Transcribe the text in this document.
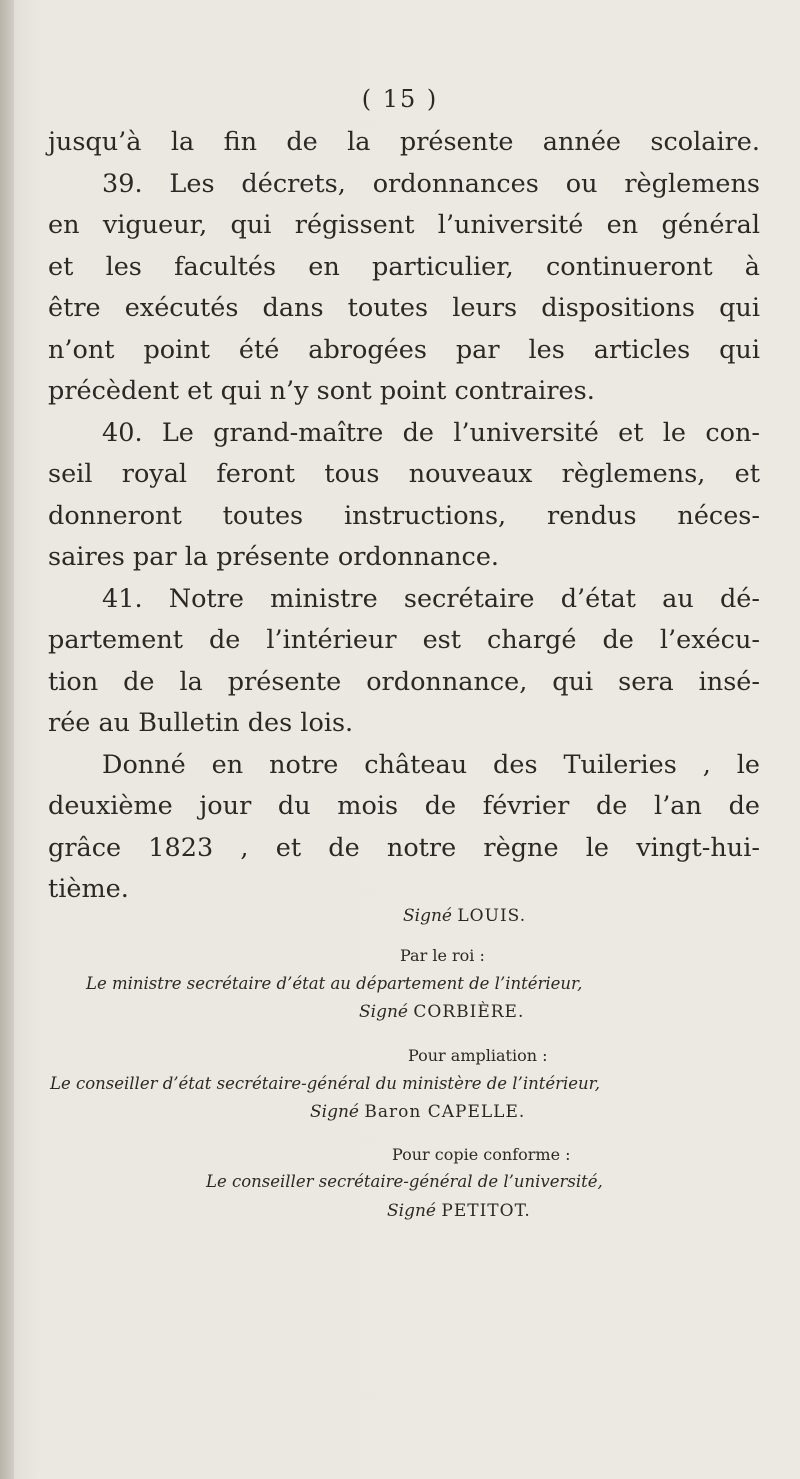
( 15 )
jusqu’à la fin de la présente année scolaire.
39. Les décrets, ordonnances ou règlemens
en vigueur, qui régissent l’université en général
et les facultés en particulier, continueront à
être exécutés dans toutes leurs dispositions qui
n’ont point été abrogées par les articles qui
précèdent et qui n’y sont point contraires.
40. Le grand-maître de l’université et le con-
seil royal feront tous nouveaux règlemens, et
donneront toutes instructions, rendus néces-
saires par la présente ordonnance.
41. Notre ministre secrétaire d’état au dé-
partement de l’intérieur est chargé de l’exécu-
tion de la présente ordonnance, qui sera insé-
rée au Bulletin des lois.
Donné en notre château des Tuileries , le
deuxième jour du mois de février de l’an de
grâce 1823 , et de notre règne le vingt-hui-
tième.
Signé LOUIS.
Par le roi :
Le ministre secrétaire d’état au département de l’intérieur,
Signé CORBIÈRE.
Pour ampliation :
Le conseiller d’état secrétaire-général du ministère de l’intérieur,
Signé Baron CAPELLE.
Pour copie conforme :
Le conseiller secrétaire-général de l’université,
Signé PETITOT.
